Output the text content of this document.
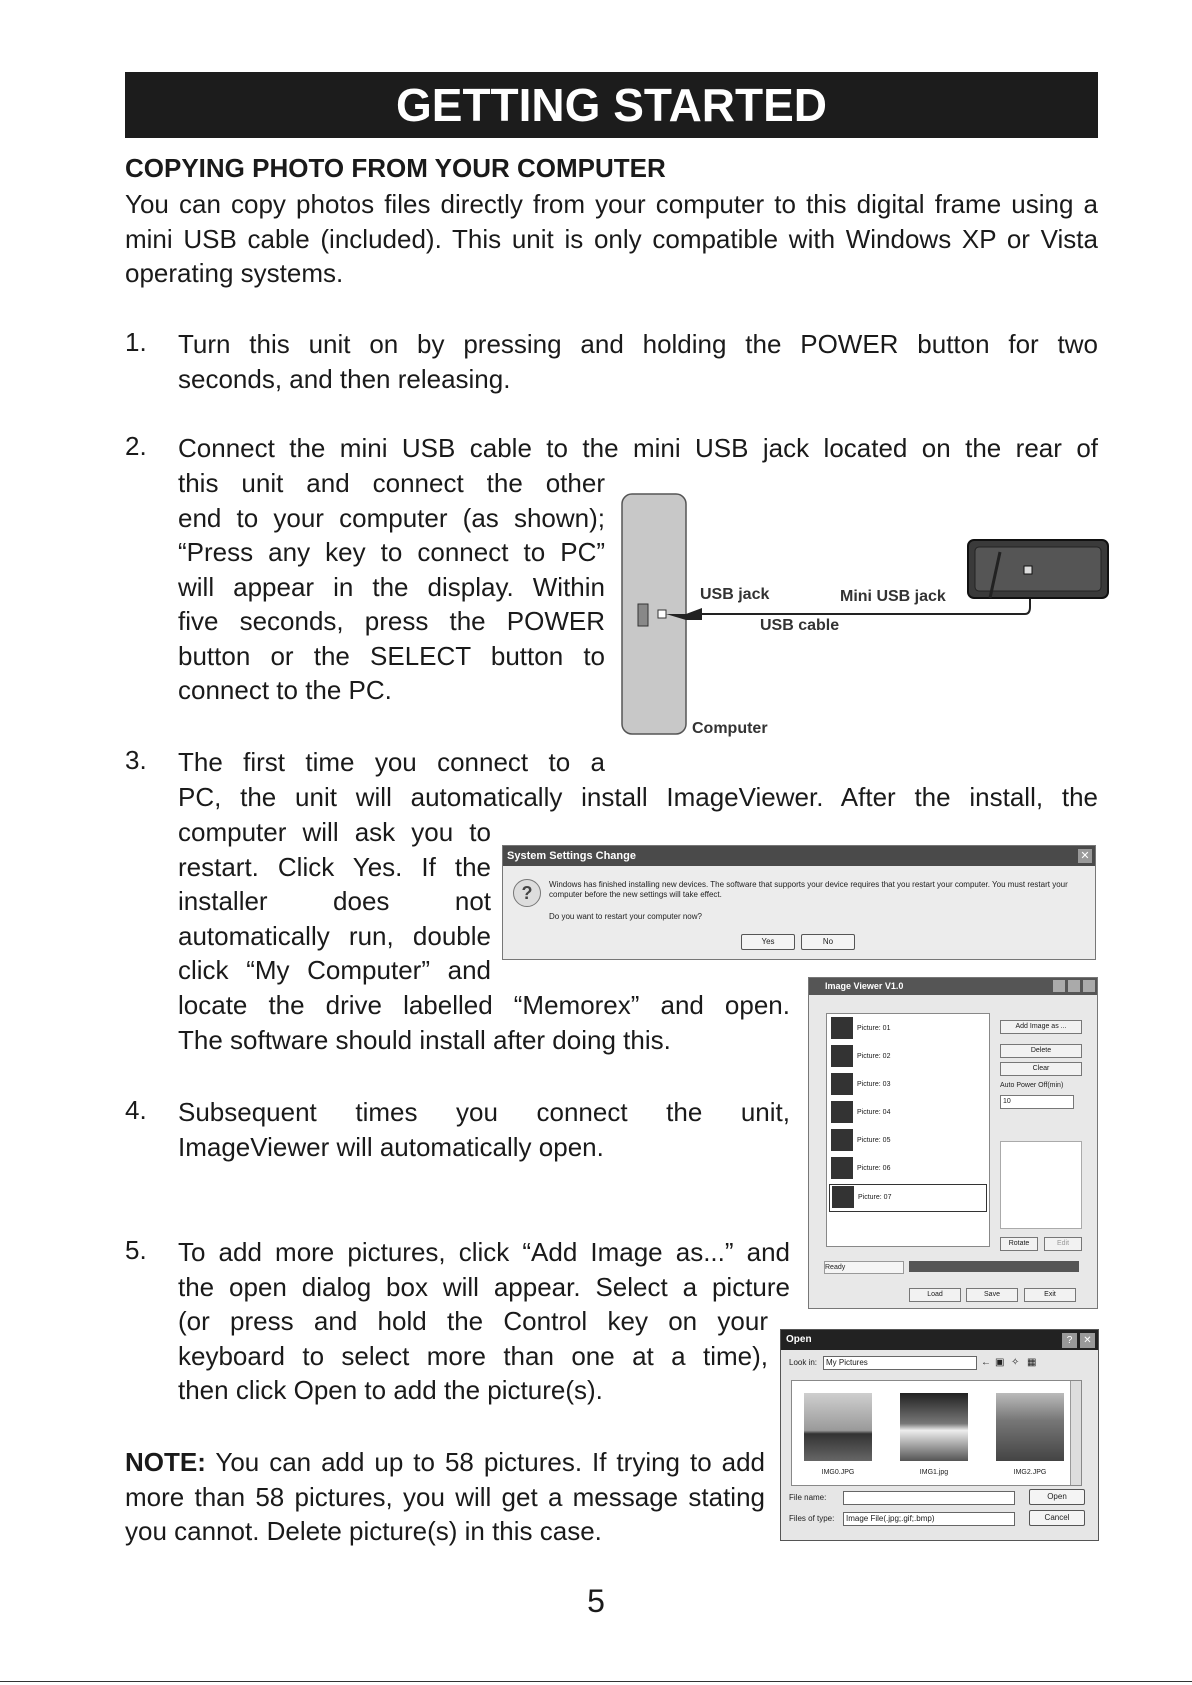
GETTING STARTED
COPYING PHOTO FROM YOUR COMPUTER
You can copy photos files directly from your computer to this digital frame using a mini USB cable (included). This unit is only compatible with Windows XP or Vista operating systems.
1. Turn this unit on by pressing and holding the POWER button for two
seconds, and then releasing.
2. Connect the mini USB cable to the mini USB jack located on the rear of
this unit and connect the other
end to your computer (as shown);
“Press any key to connect to PC”
will appear in the display. Within
five seconds, press the POWER
button or the SELECT button to
connect to the PC.
USB jack	Mini USB jack
USB cable
Computer
3. The first time you connect to a
PC, the unit will automatically install ImageViewer. After the install, the
computer will ask you to
restart. Click Yes. If the
installer does not
automatically run, double
click “My Computer” and
locate the drive labelled “Memorex” and open.
The software should install after doing this.
System Settings Change	✕
?	Windows has finished installing new devices. The software that supports your device requires that you restart your computer. You must restart your computer before the new settings will take effect.
Do you want to restart your computer now?
Yes	No
Image Viewer V1.0
Picture: 01
Picture: 02
Picture: 03
Picture: 04
Picture: 05
Picture: 06
Picture: 07
Add Image as ...
Delete
Clear
Auto Power Off(min)
10
Rotate	Edit
Ready
Load	Save	Exit
4. Subsequent times you connect the unit,
ImageViewer will automatically open.
5. To add more pictures, click “Add Image as...” and
the open dialog box will appear. Select a picture
(or press and hold the Control key on your
keyboard to select more than one at a time),
then click Open to add the picture(s).
Open	?	✕
Look in:	My Pictures	← ▣ ✧ ▦
IMG0.JPG	IMG1.jpg	IMG2.JPG
File name:
Files of type:	Image File(.jpg;.gif;.bmp)
Open
Cancel
NOTE: You can add up to 58 pictures. If trying to add more than 58 pictures, you will get a message stating you cannot. Delete picture(s) in this case.
5
